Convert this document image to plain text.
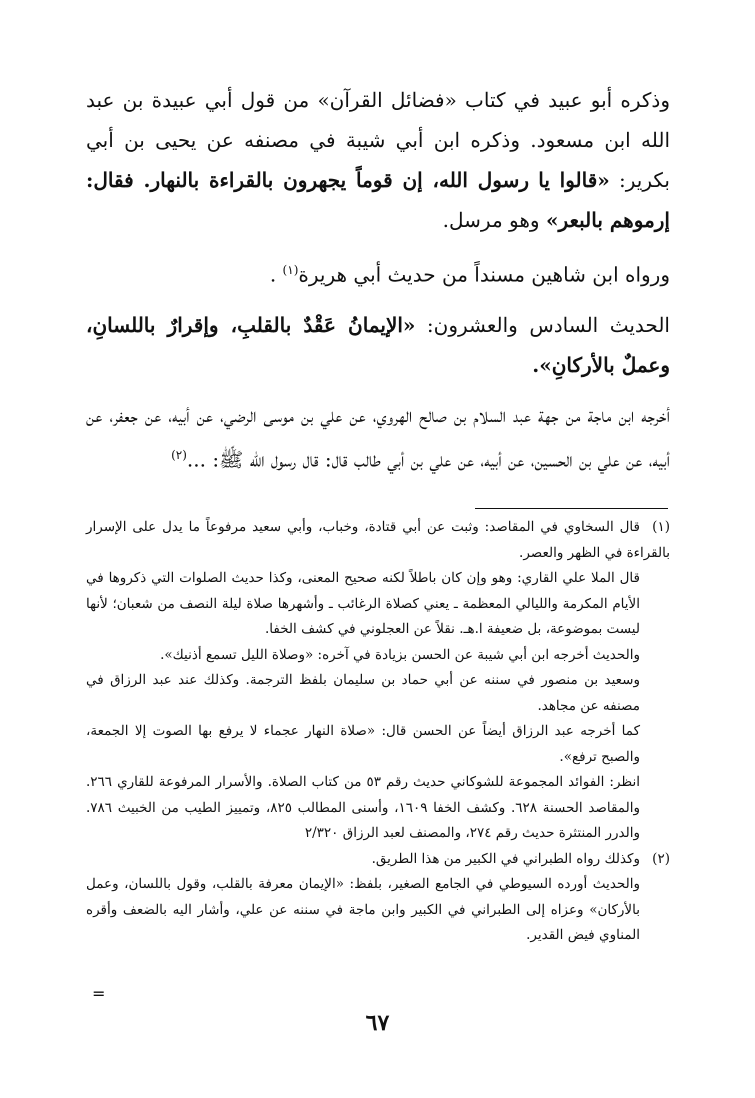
وذكره أبو عبيد في كتاب «فضائل القرآن» من قول أبي عبيدة بن عبد الله ابن مسعود. وذكره ابن أبي شيبة في مصنفه عن يحيى بن أبي بكرير: «قالوا يا رسول الله، إن قوماً يجهرون بالقراءة بالنهار. فقال: إرموهم بالبعر» وهو مرسل.

ورواه ابن شاهين مسنداً من حديث أبي هريرة$^{(١)}$ .

الحديث السادس والعشرون: «الإيمانُ عَقْدٌ بالقلبِ، وإقرارٌ باللسانِ، وعملٌ بالأركانِ».

أخرجه ابن ماجة من جهة عبد السلام بن صالح الهروي، عن علي بن موسى الرضي، عن أبيه، عن جعفر، عن أبيه، عن علي بن الحسين، عن أبيه، عن علي بن أبي طالب قال: قال رسول الله ﷺ: ...$^{(٢)}$

(١)قال السخاوي في المقاصد: وثبت عن أبي قتادة، وخباب، وأبي سعيد مرفوعاً ما يدل على الإسرار بالقراءة في الظهر والعصر.

قال الملا علي القاري: وهو وإن كان باطلاً لكنه صحيح المعنى، وكذا حديث الصلوات التي ذكروها في الأيام المكرمة والليالي المعظمة ـ يعني كصلاة الرغائب ـ وأشهرها صلاة ليلة النصف من شعبان؛ لأنها ليست بموضوعة، بل ضعيفة ا.هـ. نقلاً عن العجلوني في كشف الخفا.

والحديث أخرجه ابن أبي شيبة عن الحسن بزيادة في آخره: «وصلاة الليل تسمع أذنيك».

وسعيد بن منصور في سننه عن أبي حماد بن سليمان بلفظ الترجمة. وكذلك عند عبد الرزاق في مصنفه عن مجاهد.

كما أخرجه عبد الرزاق أيضاً عن الحسن قال: «صلاة النهار عجماء لا يرفع بها الصوت إلا الجمعة، والصبح ترفع».

انظر: الفوائد المجموعة للشوكاني حديث رقم ٥٣ من كتاب الصلاة. والأسرار المرفوعة للقاري ٢٦٦. والمقاصد الحسنة ٦٢٨. وكشف الخفا ١٦٠٩، وأسنى المطالب ٨٢٥، وتمييز الطيب من الخبيث ٧٨٦. والدرر المنتثرة حديث رقم ٢٧٤، والمصنف لعبد الرزاق ٢/٣٢٠

(٢)وكذلك رواه الطبراني في الكبير من هذا الطريق.

والحديث أورده السيوطي في الجامع الصغير، بلفظ: «الإيمان معرفة بالقلب، وقول باللسان، وعمل بالأركان» وعزاه إلى الطبراني في الكبير وابن ماجة في سننه عن علي، وأشار اليه بالضعف وأقره المناوي فيض القدير.

=
٦٧
